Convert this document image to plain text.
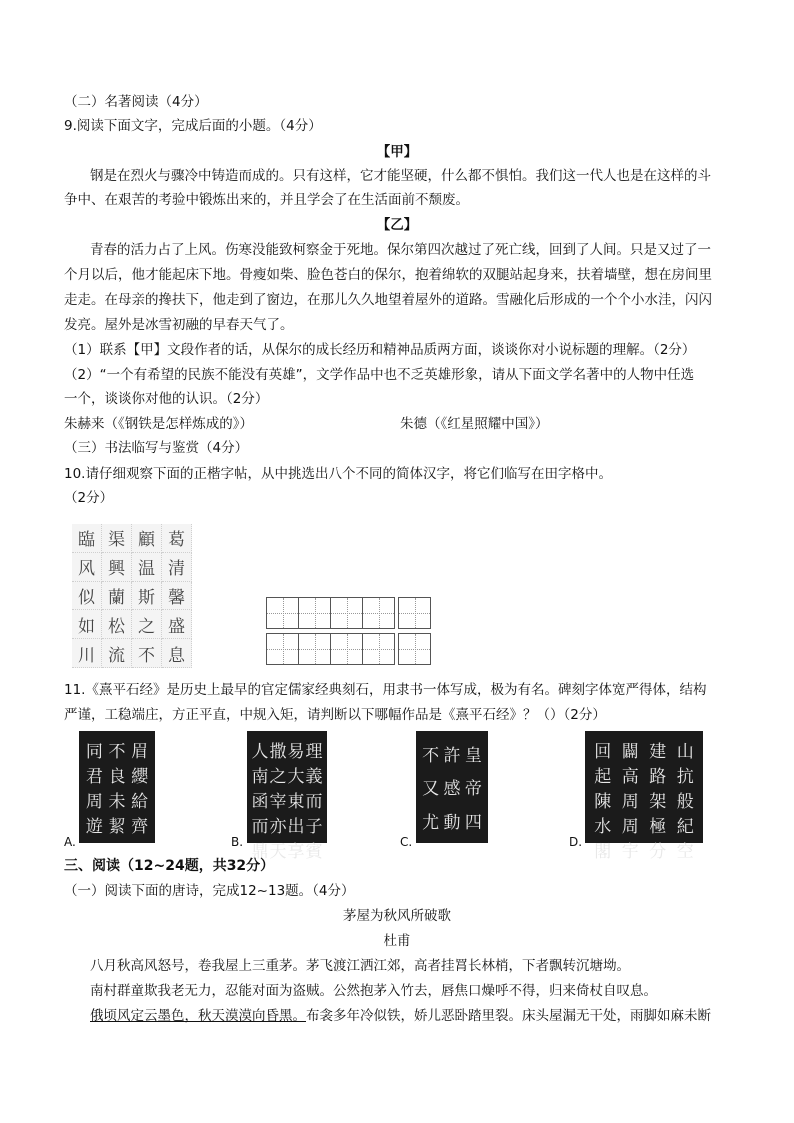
（二）名著阅读（4分）
9.阅读下面文字，完成后面的小题。（4分）
【甲】
钢是在烈火与骤冷中铸造而成的。只有这样，它才能坚硬，什么都不惧怕。我们这一代人也是在这样的斗
争中、在艰苦的考验中锻炼出来的，并且学会了在生活面前不颓废。
【乙】
青春的活力占了上风。伤寒没能致柯察金于死地。保尔第四次越过了死亡线，回到了人间。只是又过了一
个月以后，他才能起床下地。骨瘦如柴、脸色苍白的保尔，抱着绵软的双腿站起身来，扶着墙壁，想在房间里
走走。在母亲的搀扶下，他走到了窗边，在那儿久久地望着屋外的道路。雪融化后形成的一个个小水洼，闪闪
发亮。屋外是冰雪初融的早春天气了。
（1）联系【甲】文段作者的话，从保尔的成长经历和精神品质两方面，谈谈你对小说标题的理解。（2分）
（2）“一个有希望的民族不能没有英雄”，文学作品中也不乏英雄形象，请从下面文学名著中的人物中任选
一个，谈谈你对他的认识。（2分）
朱赫来（《钢铁是怎样炼成的》）	朱德（《红星照耀中国》）
（三）书法临写与鉴赏（4分）
10.请仔细观察下面的正楷字帖，从中挑选出八个不同的简体汉字，将它们临写在田字格中。
（2分）
臨 渠 顧 葛
风 興 温 清
似 蘭 斯 馨
如 松 之 盛
川 流 不 息
11.《熹平石经》是历史上最早的官定儒家经典刻石，用隶书一体写成，极为有名。碑刻字体宽严得体，结构
严谨，工稳端庄，方正平直，中规入矩，请判断以下哪幅作品是《熹平石经》？（）（2分）
眉
纓
給
齊
不
良
未
絜
同
君
周
遊
A.
理
義
而
子
賓
易
大
東
出
享
撒
之
宰
亦
天
人
南
函
而
鼎
B.
皇
帝
四
許
感
動
不
又
尤
C.
山
抗
般
紀
空
建
路
架
極
分
闢
高
周
周
宇
回
起
陳
水
閣
D.
三、阅读（12~24题，共32分）
（一）阅读下面的唐诗，完成12~13题。（4分）
茅屋为秋风所破歌
杜甫
八月秋高风怒号，卷我屋上三重茅。茅飞渡江洒江郊，高者挂罥长林梢，下者飘转沉塘坳。
南村群童欺我老无力，忍能对面为盗贼。公然抱茅入竹去，唇焦口燥呼不得，归来倚杖自叹息。
俄顷风定云墨色，秋天漠漠向昏黑。布衾多年冷似铁，娇儿恶卧踏里裂。床头屋漏无干处，雨脚如麻未断
